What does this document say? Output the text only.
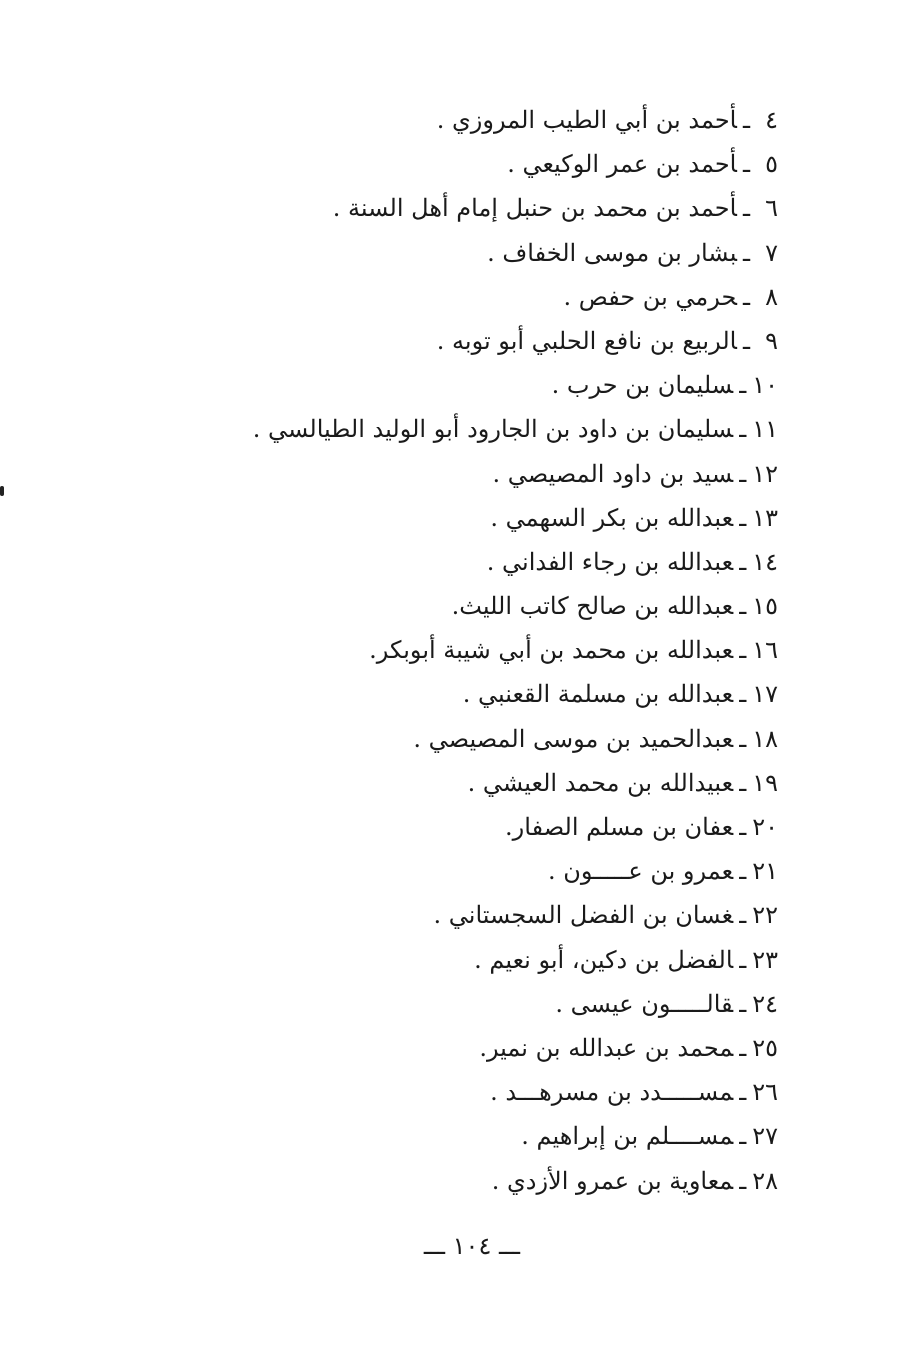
٤ـأحمد بن أبي الطيب المروزي .
٥ـأحمد بن عمر الوكيعي .
٦ـأحمد بن محمد بن حنبل إمام أهل السنة .
٧ـبشار بن موسى الخفاف .
٨ـحرمي بن حفص .
٩ـالربيع بن نافع الحلبي أبو توبه .
١٠ـسليمان بن حرب .
١١ـسليمان بن داود بن الجارود أبو الوليد الطيالسي .
١٢ـسيد بن داود المصيصي .
١٣ـعبدالله بن بكر السهمي .
١٤ـعبدالله بن رجاء الفداني .
١٥ـعبدالله بن صالح كاتب الليث.
١٦ـعبدالله بن محمد بن أبي شيبة أبوبكر.
١٧ـعبدالله بن مسلمة القعنبي .
١٨ـعبدالحميد بن موسى المصيصي .
١٩ـعبيدالله بن محمد العيشي .
٢٠ـعفان بن مسلم الصفار.
٢١ـعمرو بن عـــــون .
٢٢ـغسان بن الفضل السجستاني .
٢٣ـالفضل بن دكين، أبو نعيم .
٢٤ـقالـــــون عيسى .
٢٥ـمحمد بن عبدالله بن نمير.
٢٦ـمســـــدد بن مسرهـــد .
٢٧ـمســــلم بن إبراهيم .
٢٨ـمعاوية بن عمرو الأزدي .
ـــ ١٠٤ ـــ
